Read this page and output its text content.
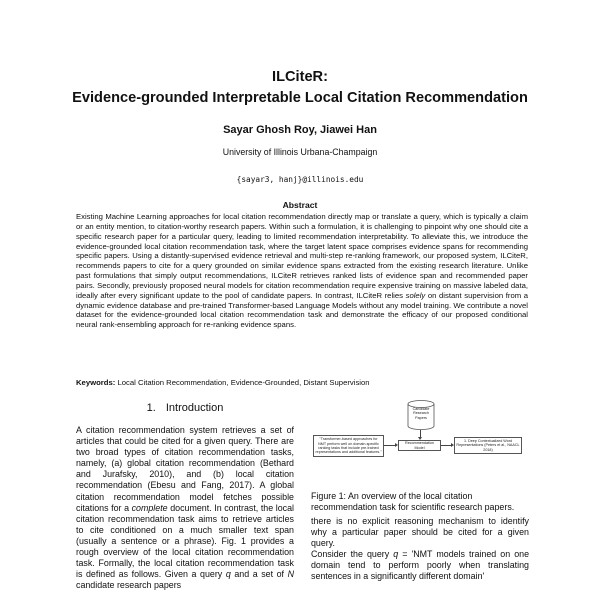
ILCiteR:
Evidence-grounded Interpretable Local Citation Recommendation
Sayar Ghosh Roy, Jiawei Han
University of Illinois Urbana-Champaign
{sayar3, hanj}@illinois.edu
Abstract

Existing Machine Learning approaches for local citation recommendation directly map or translate a query, which is typically a claim or an entity mention, to citation-worthy research papers. Within such a formulation, it is challenging to pinpoint why one should cite a specific research paper for a particular query, leading to limited recommendation interpretability. To alleviate this, we introduce the evidence-grounded local citation recommendation task, where the target latent space comprises evidence spans for recommending specific papers. Using a distantly-supervised evidence retrieval and multi-step re-ranking framework, our proposed system, ILCiteR, recommends papers to cite for a query grounded on similar evidence spans extracted from the existing research literature. Unlike past formulations that simply output recommendations, ILCiteR retrieves ranked lists of evidence span and recommended paper pairs. Secondly, previously proposed neural models for citation recommendation require expensive training on massive labeled data, ideally after every significant update to the pool of candidate papers. In contrast, ILCiteR relies solely on distant supervision from a dynamic evidence database and pre-trained Transformer-based Language Models without any model training. We contribute a novel dataset for the evidence-grounded local citation recommendation task and demonstrate the efficacy of our proposed conditional neural rank-ensembling approach for re-ranking evidence spans.

Keywords: Local Citation Recommendation, Evidence-Grounded, Distant Supervision

1. Introduction

A citation recommendation system retrieves a set of articles that could be cited for a given query. There are two broad types of citation recommendation tasks, namely, (a) global citation recommendation (Bethard and Jurafsky, 2010), and (b) local citation recommendation (Ebesu and Fang, 2017). A global citation recommendation model fetches possible citations for a complete document. In contrast, the local citation recommendation task aims to retrieve articles to cite conditioned on a much smaller text span (usually a sentence or a phrase). Fig. 1 provides a rough overview of the local citation recommendation task. Formally, the local citation recommendation task is defined as follows. Given a query q and a set of N candidate research papers

Candidate Research Papers
"Transformer-based approaches for NMT perform well on domain-specific ranking tasks that include pre-trained representations and additional features."
Recommendation Model
1. Deep Contextualized Word Representations (Peters et al., NAACL 2018)

Figure 1: An overview of the local citation recommendation task for scientific research papers.

there is no explicit reasoning mechanism to identify why a particular paper should be cited for a given query.

Consider the query q = 'NMT models trained on one domain tend to perform poorly when translating sentences in a significantly different domain'
